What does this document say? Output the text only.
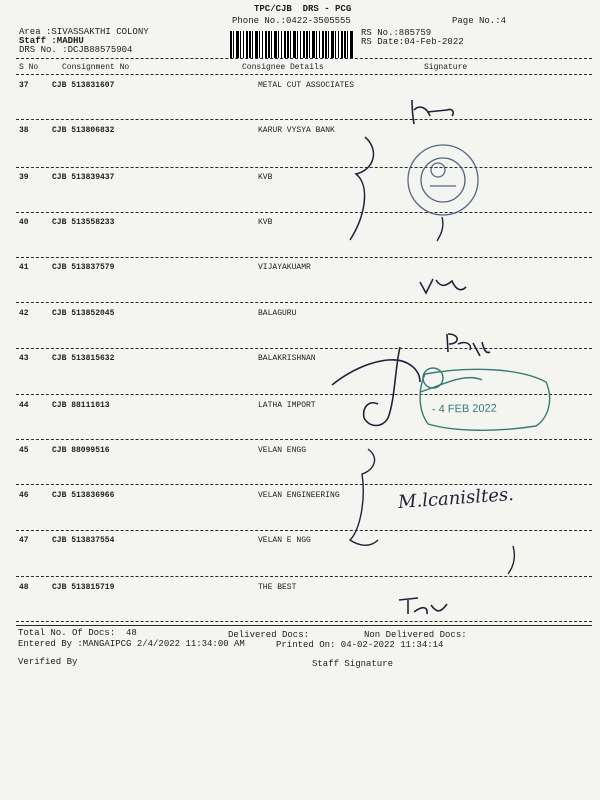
TPC/CJB  DRS - PCG
Phone No.:0422-3505555	Page No.:4
Area :SIVASSAKTHI COLONY
Staff :MADHU
DRS No. :DCJB88575904
RS No.:885759
RS Date:04-Feb-2022
S No	Consignment No	Consignee Details	Signature
37	CJB 513831607	METAL CUT ASSOCIATES
38	CJB 513806832	KARUR VYSYA BANK
39	CJB 513839437	KVB
40	CJB 513558233	KVB
41	CJB 513837579	VIJAYAKUAMR
42	CJB 513852045	BALAGURU
43	CJB 513815632	BALAKRISHNAN
44	CJB 88111013	LATHA IMPORT
45	CJB 88099516	VELAN ENGG
46	CJB 513836966	VELAN ENGINEERING
47	CJB 513837554	VELAN E NGG
48	CJB 513815719	THE BEST
Total No. Of Docs:  48	Delivered Docs:	Non Delivered Docs:
Entered By :MANGAIPCG 2/4/2022 11:34:00 AM	Printed On: 04-02-2022 11:34:14
Verified By	Staff Signature
M.lcanisltes.
- 4 FEB 2022
